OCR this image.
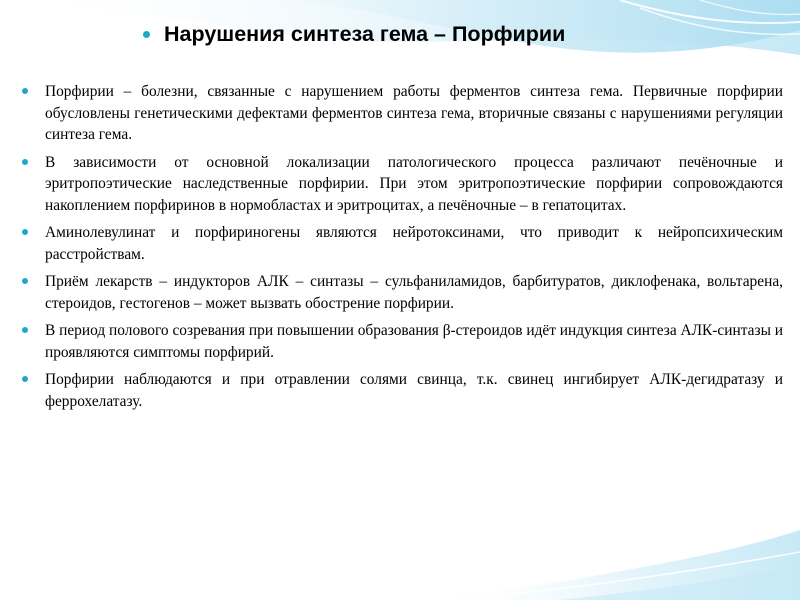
Нарушения синтеза гема – Порфирии
Порфирии – болезни, связанные с нарушением работы ферментов синтеза гема. Первичные порфирии обусловлены генетическими дефектами ферментов синтеза гема, вторичные связаны с нарушениями регуляции синтеза гема.
В зависимости от основной локализации патологического процесса различают печёночные и эритропоэтические наследственные порфирии. При этом эритропоэтические порфирии сопровождаются накоплением порфиринов в нормобластах и эритроцитах, а печёночные – в гепатоцитах.
Аминолевулинат и порфириногены являются нейротоксинами, что приводит к нейропсихическим расстройствам.
Приём лекарств – индукторов АЛК – синтазы – сульфаниламидов, барбитуратов, диклофенака, вольтарена, стероидов, гестогенов – может вызвать обострение порфирии.
В период полового созревания при повышении образования β-стероидов идёт индукция синтеза АЛК-синтазы и проявляются симптомы порфирий.
Порфирии наблюдаются и при отравлении солями свинца, т.к. свинец ингибирует АЛК-дегидратазу и феррохелатазу.
